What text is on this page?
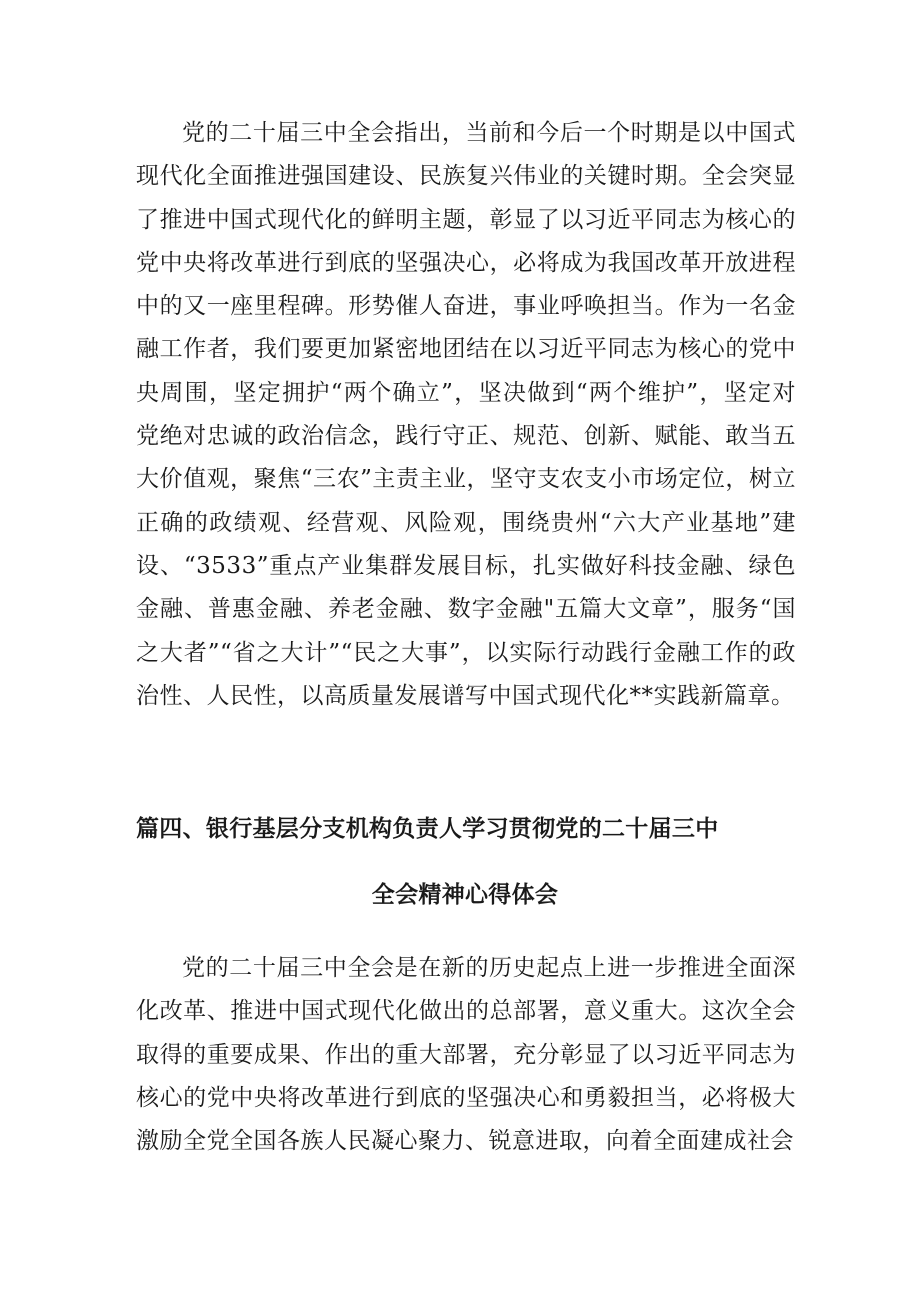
党的二十届三中全会指出，当前和今后一个时期是以中国式现代化全面推进强国建设、民族复兴伟业的关键时期。全会突显了推进中国式现代化的鲜明主题，彰显了以习近平同志为核心的党中央将改革进行到底的坚强决心，必将成为我国改革开放进程中的又一座里程碑。形势催人奋进，事业呼唤担当。作为一名金融工作者，我们要更加紧密地团结在以习近平同志为核心的党中央周围，坚定拥护“两个确立”，坚决做到“两个维护”，坚定对党绝对忠诚的政治信念，践行守正、规范、创新、赋能、敢当五大价值观，聚焦“三农”主责主业，坚守支农支小市场定位，树立正确的政绩观、经营观、风险观，围绕贵州“六大产业基地”建设、“3533”重点产业集群发展目标，扎实做好科技金融、绿色金融、普惠金融、养老金融、数字金融"五篇大文章”，服务“国之大者”“省之大计”“民之大事”，以实际行动践行金融工作的政治性、人民性，以高质量发展谱写中国式现代化**实践新篇章。

篇四、银行基层分支机构负责人学习贯彻党的二十届三中
全会精神心得体会

党的二十届三中全会是在新的历史起点上进一步推进全面深化改革、推进中国式现代化做出的总部署，意义重大。这次全会取得的重要成果、作出的重大部署，充分彰显了以习近平同志为核心的党中央将改革进行到底的坚强决心和勇毅担当，必将极大激励全党全国各族人民凝心聚力、锐意进取，向着全面建成社会
